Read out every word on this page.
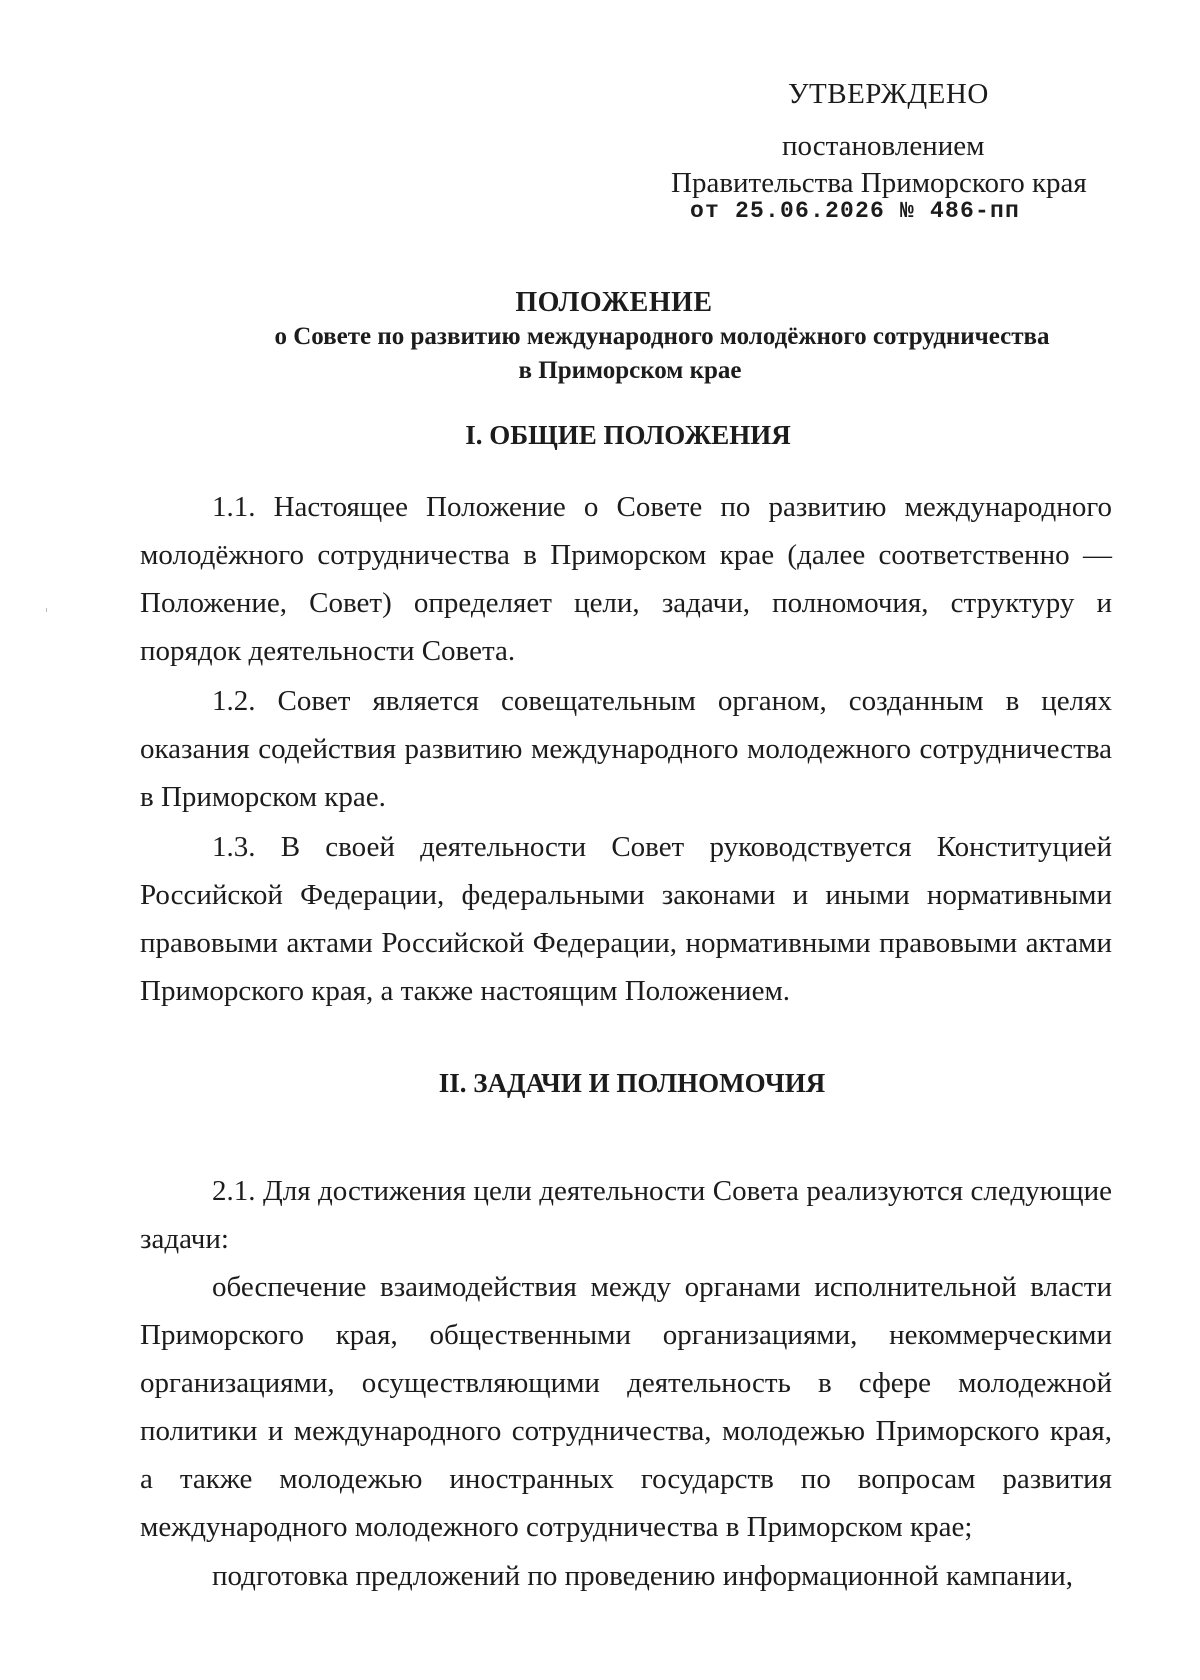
УТВЕРЖДЕНО
постановлением
Правительства Приморского края
от 25.06.2026 № 486-пп
ПОЛОЖЕНИЕ
о Совете по развитию международного молодёжного сотрудничества
в Приморском крае
I. ОБЩИЕ ПОЛОЖЕНИЯ

1.1. Настоящее Положение о Совете по развитию международного молодёжного сотрудничества в Приморском крае (далее соответственно — Положение, Совет) определяет цели, задачи, полномочия, структуру и порядок деятельности Совета.

1.2. Совет является совещательным органом, созданным в целях оказания содействия развитию международного молодежного сотрудничества в Приморском крае.

1.3. В своей деятельности Совет руководствуется Конституцией Российской Федерации, федеральными законами и иными нормативными правовыми актами Российской Федерации, нормативными правовыми актами Приморского края, а также настоящим Положением.

II. ЗАДАЧИ И ПОЛНОМОЧИЯ

2.1. Для достижения цели деятельности Совета реализуются следующие задачи:

обеспечение взаимодействия между органами исполнительной власти Приморского края, общественными организациями, некоммерческими организациями, осуществляющими деятельность в сфере молодежной политики и международного сотрудничества, молодежью Приморского края, а также молодежью иностранных государств по вопросам развития международного молодежного сотрудничества в Приморском крае;

подготовка предложений по проведению информационной кампании,
